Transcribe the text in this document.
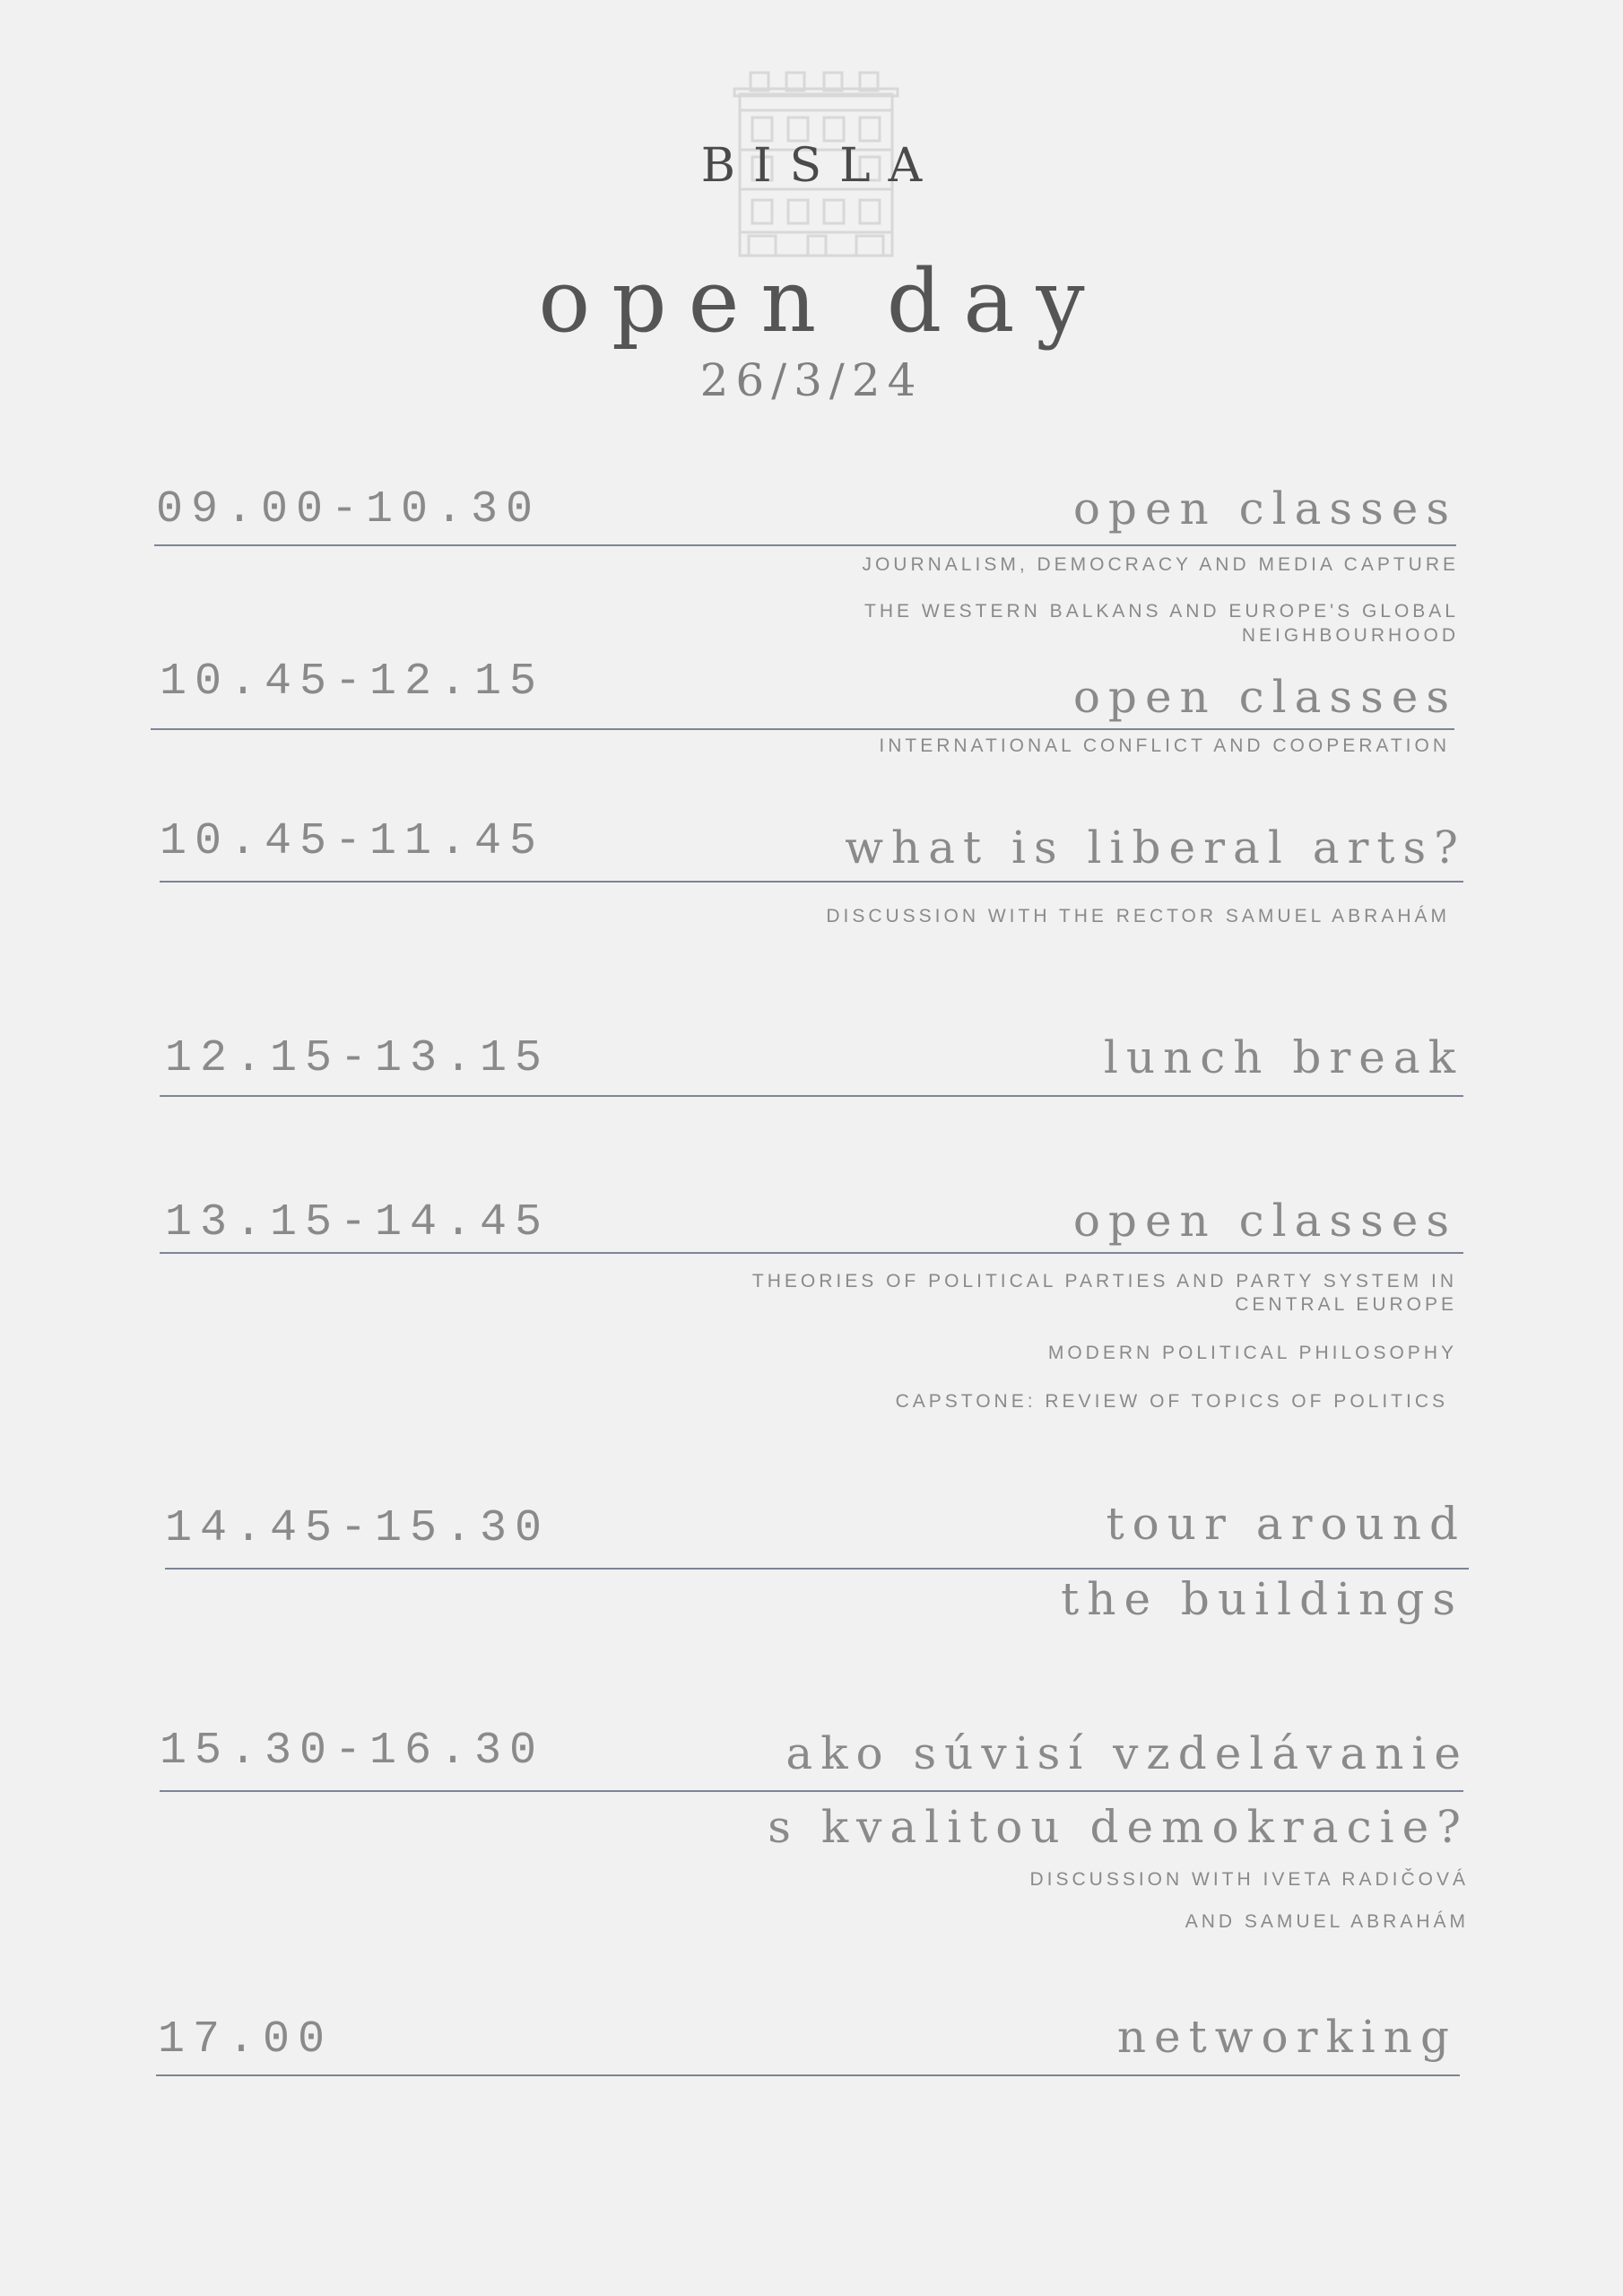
BISLA
open day
26/3/24
09.00-10.30	open classes
JOURNALISM, DEMOCRACY AND MEDIA CAPTURE
THE WESTERN BALKANS AND EUROPE'S GLOBAL
NEIGHBOURHOOD
10.45-12.15	open classes
INTERNATIONAL CONFLICT AND COOPERATION
10.45-11.45	what is liberal arts?
DISCUSSION WITH THE RECTOR SAMUEL ABRAHÁM
12.15-13.15	lunch break
13.15-14.45	open classes
THEORIES OF POLITICAL PARTIES AND PARTY SYSTEM IN
CENTRAL EUROPE
MODERN POLITICAL PHILOSOPHY
CAPSTONE: REVIEW OF TOPICS OF POLITICS
14.45-15.30	tour around
the buildings
15.30-16.30	ako súvisí vzdelávanie
s kvalitou demokracie?
DISCUSSION WITH IVETA RADIČOVÁ
AND SAMUEL ABRAHÁM
17.00	networking
